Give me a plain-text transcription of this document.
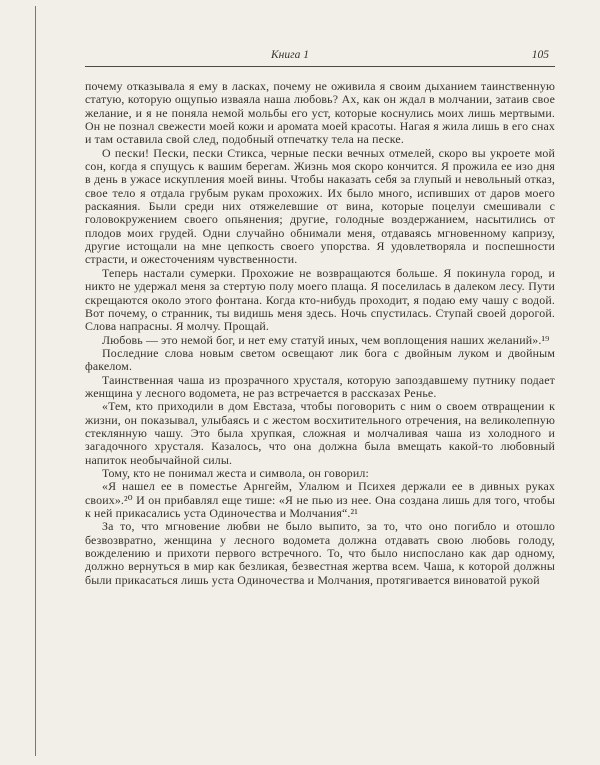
Книга 1	105

почему отказывала я ему в ласках, почему не оживила я своим дыханием таинственную статую, которую ощупью изваяла наша любовь? Ах, как он ждал в молчании, затаив свое желание, и я не поняла немой мольбы его уст, которые коснулись моих лишь мертвыми. Он не познал свежести моей кожи и аромата моей красоты. Нагая я жила лишь в его снах и там оставила свой след, подобный отпечатку тела на песке.

О пески! Пески, пески Стикса, черные пески вечных отмелей, скоро вы укроете мой сон, когда я спущусь к вашим берегам. Жизнь моя скоро кончится. Я прожила ее изо дня в день в ужасе искупления моей вины. Чтобы наказать себя за глупый и невольный отказ, свое тело я отдала грубым рукам прохожих. Их было много, испивших от даров моего раскаяния. Были среди них отяжелевшие от вина, которые поцелуи смешивали с головокружением своего опьянения; другие, голодные воздержанием, насытились от плодов моих грудей. Одни случайно обнимали меня, отдаваясь мгновенному капризу, другие истощали на мне цепкость своего упорства. Я удовлетворяла и поспешности страсти, и ожесточениям чувственности.

Теперь настали сумерки. Прохожие не возвращаются больше. Я покинула город, и никто не удержал меня за стертую полу моего плаща. Я поселилась в далеком лесу. Пути скрещаются около этого фонтана. Когда кто-нибудь проходит, я подаю ему чашу с водой. Вот почему, о странник, ты видишь меня здесь. Ночь спустилась. Ступай своей дорогой. Слова напрасны. Я молчу. Прощай.

Любовь — это немой бог, и нет ему статуй иных, чем воплощения наших желаний».¹⁹

Последние слова новым светом освещают лик бога с двойным луком и двойным факелом.

Таинственная чаша из прозрачного хрусталя, которую запоздавшему путнику подает женщина у лесного водомета, не раз встречается в рассказах Ренье.

«Тем, кто приходили в дом Евстаза, чтобы поговорить с ним о своем отвращении к жизни, он показывал, улыбаясь и с жестом восхитительного отречения, на великолепную стеклянную чашу. Это была хрупкая, сложная и молчаливая чаша из холодного и загадочного хрусталя. Казалось, что она должна была вмещать какой-то любовный напиток необычайной силы.

Тому, кто не понимал жеста и символа, он говорил:

«Я нашел ее в поместье Арнгейм, Улалюм и Психея держали ее в дивных руках своих».²⁰ И он прибавлял еще тише: «Я не пью из нее. Она создана лишь для того, чтобы к ней прикасались уста Одиночества и Молчания“.²¹

За то, что мгновение любви не было выпито, за то, что оно погибло и отошло безвозвратно, женщина у лесного водомета должна отдавать свою любовь голоду, вожделению и прихоти первого встречного. То, что было ниспослано как дар одному, должно вернуться в мир как безликая, безвестная жертва всем. Чаша, к которой должны были прикасаться лишь уста Одиночества и Молчания, протягивается виноватой рукой
